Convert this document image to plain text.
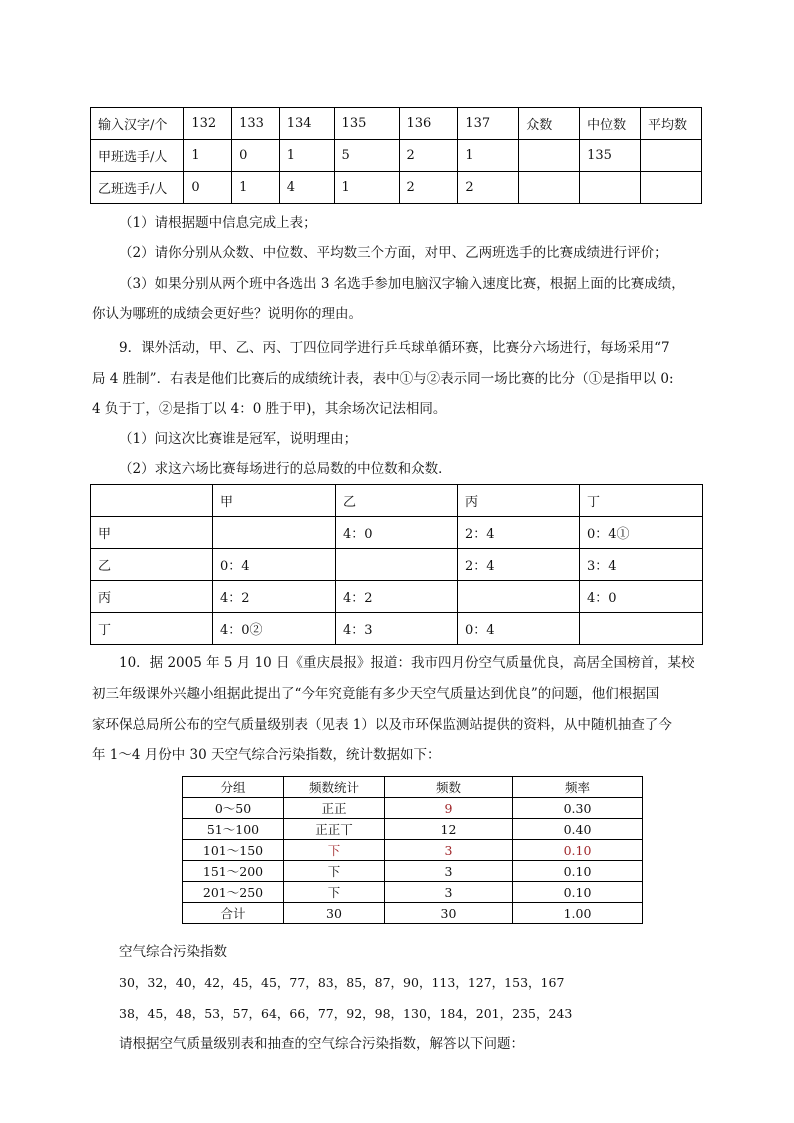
输入汉字/个	132	133	134	135	136	137	众数	中位数	平均数
甲班选手/人	1	0	1	5	2	1		135	
乙班选手/人	0	1	4	1	2	2			
（1）请根据题中信息完成上表；
（2）请你分别从众数、中位数、平均数三个方面，对甲、乙两班选手的比赛成绩进行评价；
（3）如果分别从两个班中各选出 3 名选手参加电脑汉字输入速度比赛，根据上面的比赛成绩，
你认为哪班的成绩会更好些？说明你的理由。
9．课外活动，甲、乙、丙、丁四位同学进行乒乓球单循环赛，比赛分六场进行，每场采用“7
局 4 胜制”．右表是他们比赛后的成绩统计表，表中①与②表示同一场比赛的比分（①是指甲以 0:
4 负于丁，②是指丁以 4：0 胜于甲)，其余场次记法相同。
（1）问这次比赛谁是冠军，说明理由；
（2）求这六场比赛每场进行的总局数的中位数和众数．
	甲	乙	丙	丁
甲		4：0	2：4	0：4①
乙	0：4		2：4	3：4
丙	4：2	4：2		4：0
丁	4：0②	4：3	0：4	
10．据 2005 年 5 月 10 日《重庆晨报》报道：我市四月份空气质量优良，高居全国榜首，某校
初三年级课外兴趣小组据此提出了“今年究竟能有多少天空气质量达到优良”的问题，他们根据国
家环保总局所公布的空气质量级别表（见表 1）以及市环保监测站提供的资料，从中随机抽查了今
年 1～4 月份中 30 天空气综合污染指数，统计数据如下：
分组	频数统计	频数	频率
0～50	正正	9	0.30
51～100	正正丅	12	0.40
101～150	下	3	0.10
151～200	下	3	0.10
201～250	下	3	0.10
合计	30	30	1.00
空气综合污染指数
30，32，40，42，45，45，77，83，85，87，90，113，127，153，167
38，45，48，53，57，64，66，77，92，98，130，184，201，235，243
请根据空气质量级别表和抽查的空气综合污染指数，解答以下问题：
